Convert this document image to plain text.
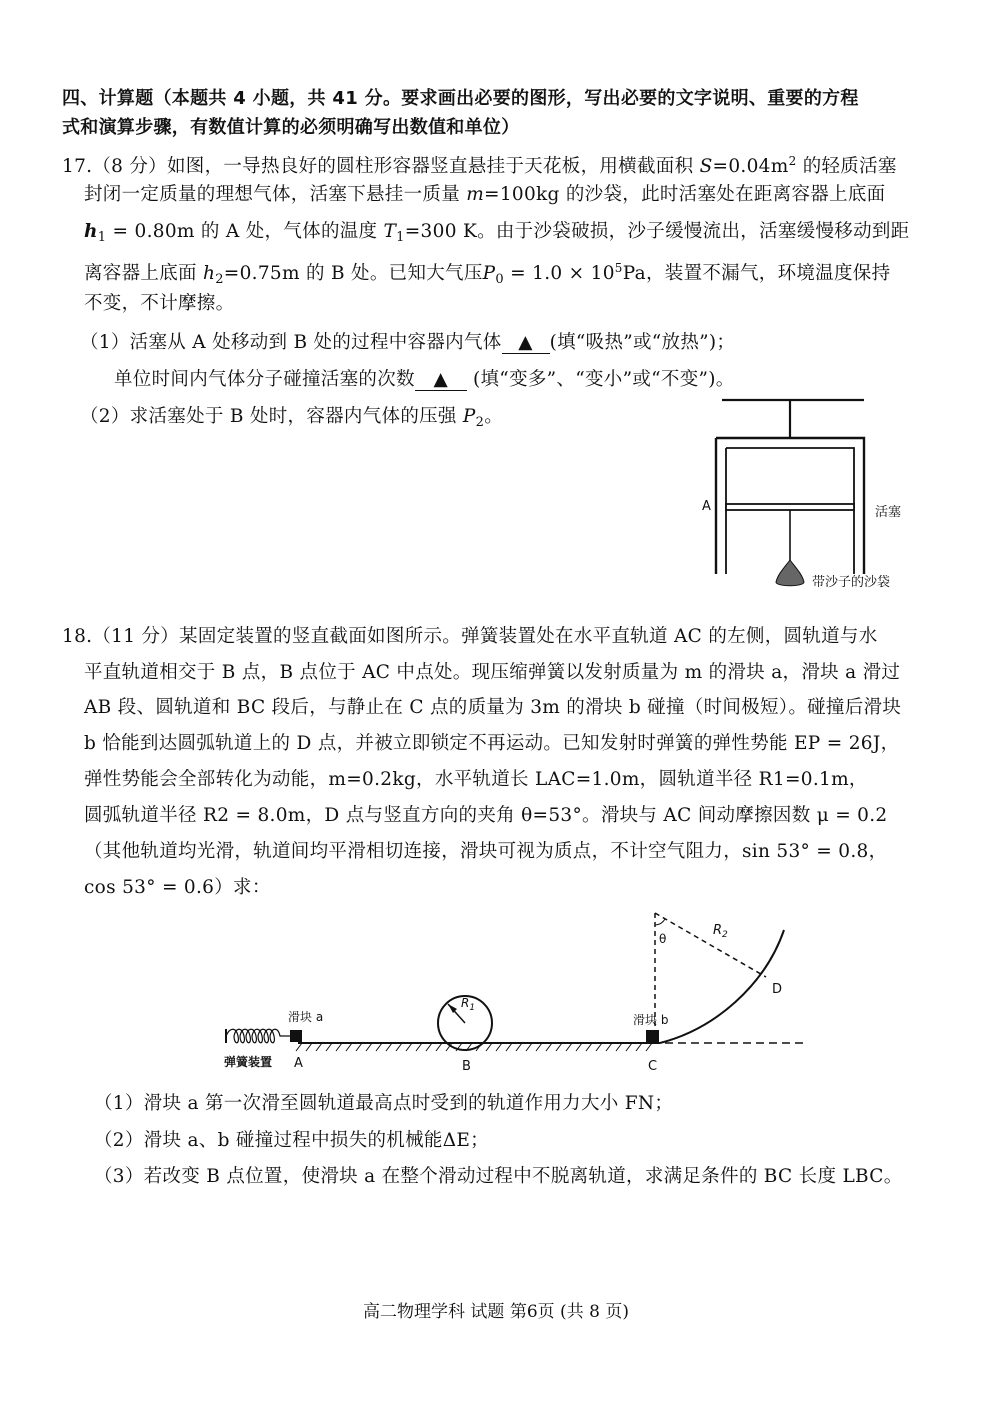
四、计算题（本题共 4 小题，共 41 分。要求画出必要的图形，写出必要的文字说明、重要的方程
式和演算步骤，有数值计算的必须明确写出数值和单位）
17.（8 分）如图，一导热良好的圆柱形容器竖直悬挂于天花板，用横截面积 $S=0.04m^2$ 的轻质活塞
封闭一定质量的理想气体，活塞下悬挂一质量 m=100kg 的沙袋，此时活塞处在距离容器上底面
$h_1 = 0.80m$ 的 A 处，气体的温度 $T_1=300$ K。由于沙袋破损，沙子缓慢流出，活塞缓慢移动到距
离容器上底面 $h_2=0.75m$ 的 B 处。已知大气压$P_0 = 1.0 \times 10^5Pa$，装置不漏气，环境温度保持
不变，不计摩擦。
（1）活塞从 A 处移动到 B 处的过程中容器内气体 ▲ (填“吸热”或“放热”)；
单位时间内气体分子碰撞活塞的次数 ▲ (填“变多”、“变小”或“不变”)。
（2）求活塞处于 B 处时，容器内气体的压强 $P_2$。
A	活塞
带沙子的沙袋
18.（11 分）某固定装置的竖直截面如图所示。弹簧装置处在水平直轨道 AC 的左侧，圆轨道与水
平直轨道相交于 B 点，B 点位于 AC 中点处。现压缩弹簧以发射质量为 m 的滑块 a，滑块 a 滑过
AB 段、圆轨道和 BC 段后，与静止在 C 点的质量为 3m 的滑块 b 碰撞（时间极短）。碰撞后滑块
b 恰能到达圆弧轨道上的 D 点，并被立即锁定不再运动。已知发射时弹簧的弹性势能 EP = 26J，
弹性势能会全部转化为动能，m=0.2kg，水平轨道长 LAC=1.0m，圆轨道半径 R1=0.1m，
圆弧轨道半径 R2 = 8.0m，D 点与竖直方向的夹角 θ=53°。滑块与 AC 间动摩擦因数 μ = 0.2
（其他轨道均光滑，轨道间均平滑相切连接，滑块可视为质点，不计空气阻力，sin 53° = 0.8，
cos 53° = 0.6）求：
滑块 a
弹簧装置 A	B	C
D
滑块 b
θ
$R_1$
$R_2$
（1）滑块 a 第一次滑至圆轨道最高点时受到的轨道作用力大小 FN；
（2）滑块 a、b 碰撞过程中损失的机械能ΔE；
（3）若改变 B 点位置，使滑块 a 在整个滑动过程中不脱离轨道，求满足条件的 BC 长度 LBC。
高二物理学科 试题 第6页 (共 8 页)
